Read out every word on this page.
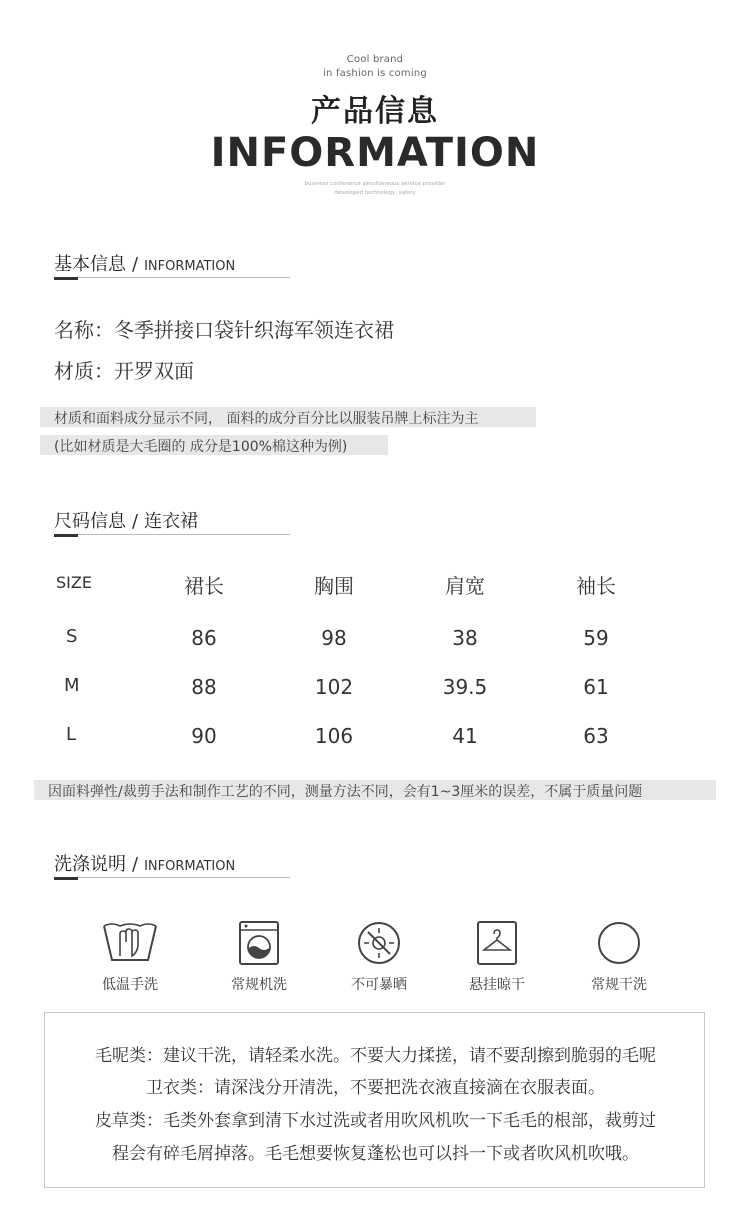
Cool brand
in fashion is coming
产品信息
INFORMATION
business conference simultaneous service provider
developed technology, safety
基本信息 / INFORMATION
名称：冬季拼接口袋针织海军领连衣裙
材质：开罗双面
材质和面料成分显示不同， 面料的成分百分比以服装吊牌上标注为主
(比如材质是大毛圈的 成分是100%棉这种为例)
尺码信息 / 连衣裙
SIZE	裙长	胸围	肩宽	袖长
S	86	98	38	59
M	88	102	39.5	61
L	90	106	41	63
因面料弹性/裁剪手法和制作工艺的不同，测量方法不同，会有1~3厘米的误差，不属于质量问题
洗涤说明 / INFORMATION
低温手洗	常规机洗	不可暴晒	悬挂晾干	常规干洗
毛呢类：建议干洗，请轻柔水洗。不要大力揉搓，请不要刮擦到脆弱的毛呢
卫衣类：请深浅分开清洗，不要把洗衣液直接滴在衣服表面。
皮草类：毛类外套拿到清下水过洗或者用吹风机吹一下毛毛的根部，裁剪过
程会有碎毛屑掉落。毛毛想要恢复蓬松也可以抖一下或者吹风机吹哦。
